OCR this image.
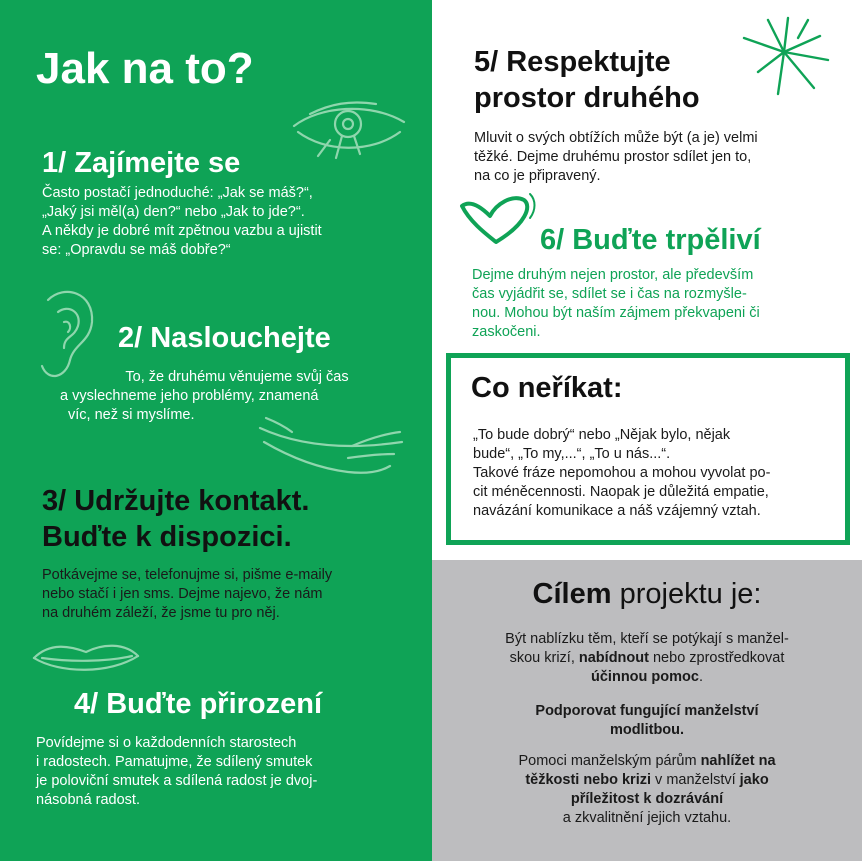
Jak na to?
1/ Zajímejte se
Často postačí jednoduché: „Jak se máš?“,
„Jaký jsi měl(a) den?“ nebo „Jak to jde?“.
A někdy je dobré mít zpětnou vazbu a ujistit
se: „Opravdu se máš dobře?“
2/ Naslouchejte
To, že druhému věnujeme svůj čas
a vyslechneme jeho problémy, znamená
víc, než si myslíme.
3/ Udržujte kontakt.
Buďte k dispozici.
Potkávejme se, telefonujme si, pišme e-maily
nebo stačí i jen sms. Dejme najevo, že nám
na druhém záleží, že jsme tu pro něj.
4/ Buďte přirození
Povídejme si o každodenních starostech
i radostech. Pamatujme, že sdílený smutek
je poloviční smutek a sdílená radost je dvoj-
násobná radost.
5/ Respektujte
prostor druhého
Mluvit o svých obtížích může být (a je) velmi
těžké. Dejme druhému prostor sdílet jen to,
na co je připravený.
6/ Buďte trpěliví
Dejme druhým nejen prostor, ale především
čas vyjádřit se, sdílet se i čas na rozmyšle-
nou. Mohou být naším zájmem překvapeni či
zaskočeni.
Co neříkat:
„To bude dobrý“ nebo „Nějak bylo, nějak
bude“, „To my,...“, „To u nás...“.
Takové fráze nepomohou a mohou vyvolat po-
cit méněcennosti. Naopak je důležitá empatie,
navázání komunikace a náš vzájemný vztah.
Cílem projektu je:
Být nablízku těm, kteří se potýkají s manžel-
skou krizí, nabídnout nebo zprostředkovat
účinnou pomoc.
Podporovat fungující manželství
modlitbou.
Pomoci manželským párům nahlížet na
těžkosti nebo krizi v manželství jako
příležitost k dozrávání
a zkvalitnění jejich vztahu.
